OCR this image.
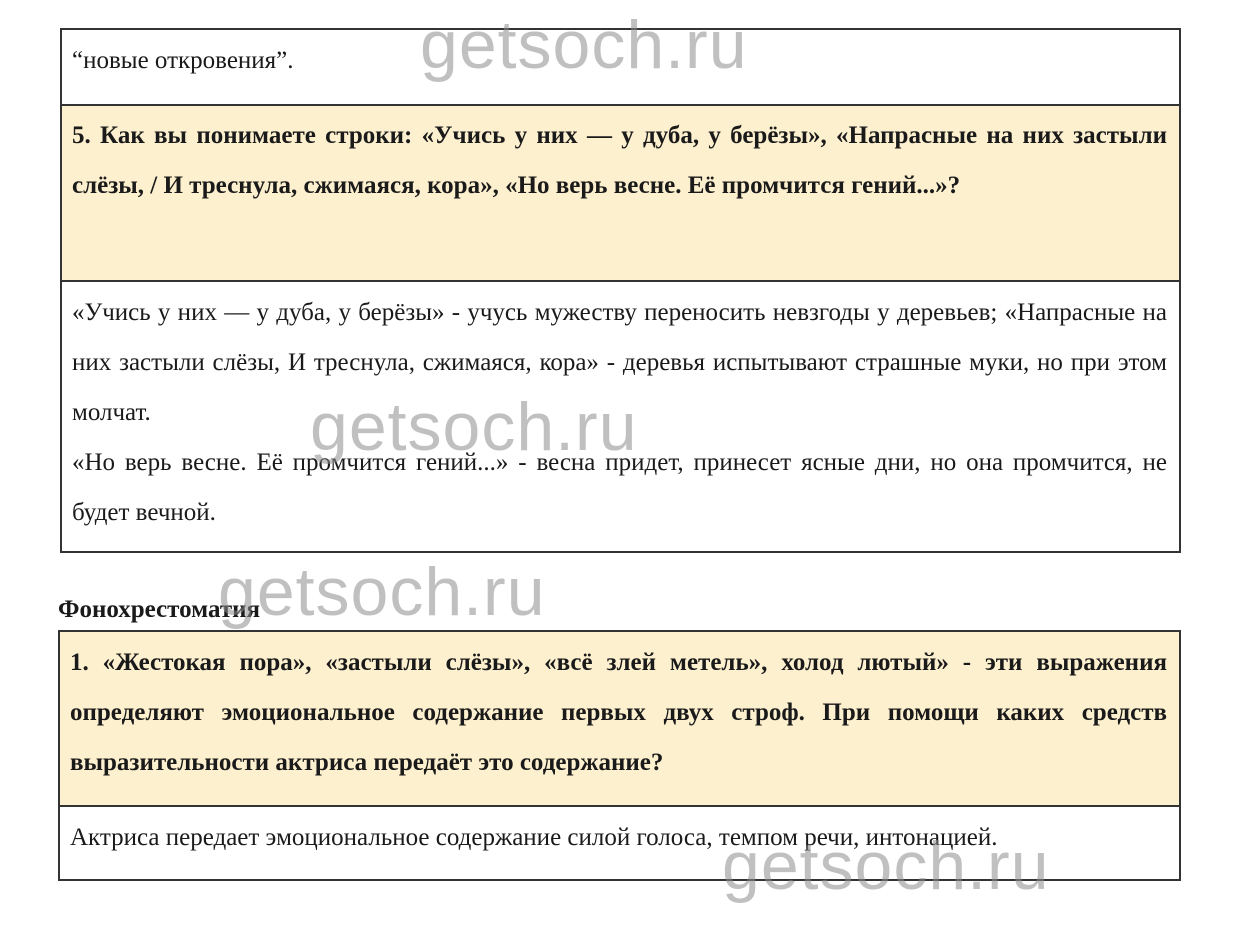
“новые откровения”.

5. Как вы понимаете строки: «Учись у них — у дуба, у берёзы», «Напрасные на них застыли слёзы, / И треснула, сжимаяся, кора», «Но верь весне. Её промчится гений...»?

«Учись у них — у дуба, у берёзы» - учусь мужеству переносить невзгоды у деревьев; «Напрасные на них застыли слёзы, И треснула, сжимаяся, кора» - деревья испытывают страшные муки, но при этом молчат.

«Но верь весне. Её промчится гений...» - весна придет, принесет ясные дни, но она промчится, не будет вечной.

Фонохрестоматия

1. «Жестокая пора», «застыли слёзы», «всё злей метель», холод лютый» - эти выражения определяют эмоциональное содержание первых двух строф. При помощи каких средств выразительности актриса передаёт это содержание?

Актриса передает эмоциональное содержание силой голоса, темпом речи, интонацией.

getsoch.ru
getsoch.ru
getsoch.ru
getsoch.ru
